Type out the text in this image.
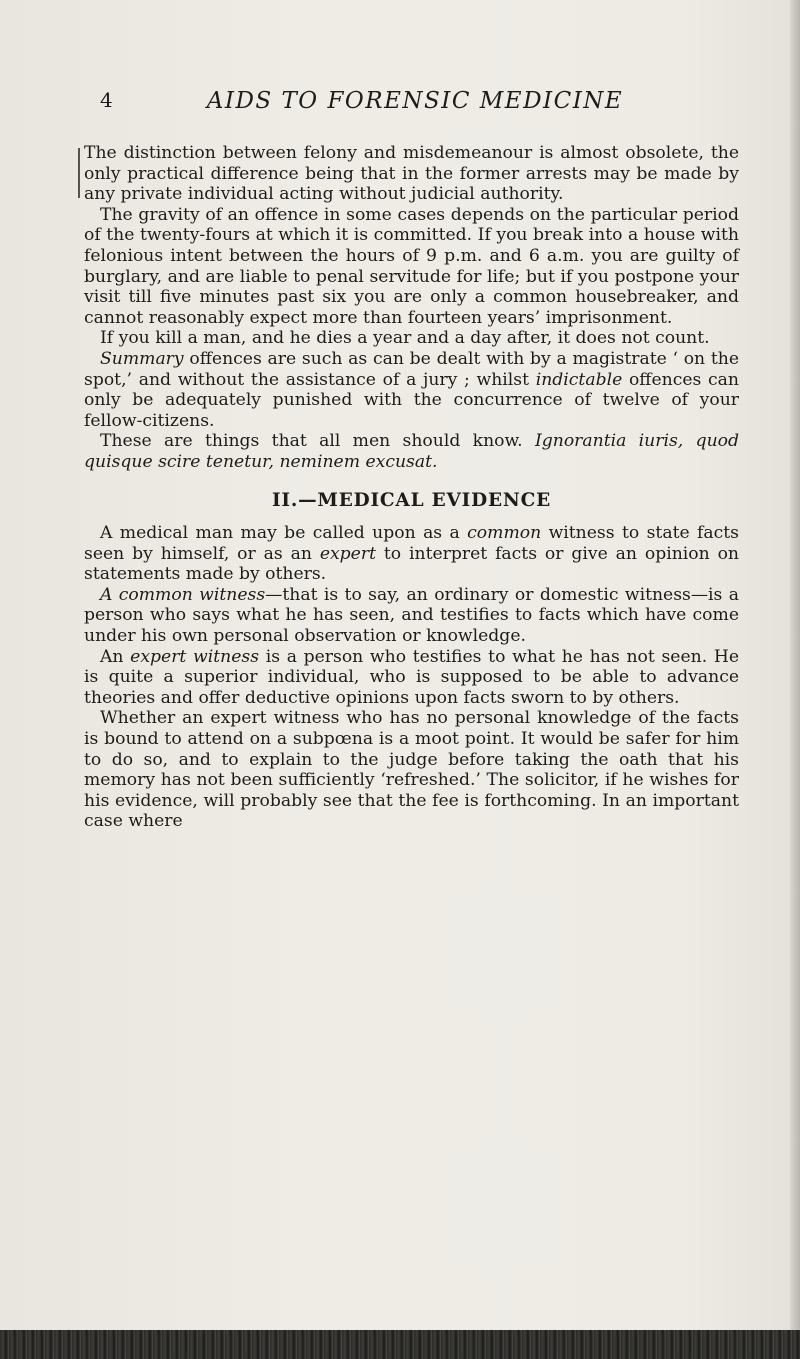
4	AIDS TO FORENSIC MEDICINE

The distinction between felony and misdemeanour is almost obsolete, the only practical difference being that in the former arrests may be made by any private individual acting without judicial authority.

The gravity of an offence in some cases depends on the particular period of the twenty-fours at which it is committed. If you break into a house with felonious intent between the hours of 9 p.m. and 6 a.m. you are guilty of burglary, and are liable to penal servitude for life; but if you postpone your visit till five minutes past six you are only a common housebreaker, and cannot reasonably expect more than fourteen years’ imprisonment.

If you kill a man, and he dies a year and a day after, it does not count.

Summary offences are such as can be dealt with by a magistrate ‘ on the spot,’ and without the assistance of a jury ; whilst indictable offences can only be adequately punished with the concurrence of twelve of your fellow-citizens.

These are things that all men should know. Ignorantia iuris, quod quisque scire tenetur, neminem excusat.

II.—MEDICAL EVIDENCE

A medical man may be called upon as a common witness to state facts seen by himself, or as an expert to interpret facts or give an opinion on statements made by others.

A common witness—that is to say, an ordinary or domestic witness—is a person who says what he has seen, and testifies to facts which have come under his own personal observation or knowledge.

An expert witness is a person who testifies to what he has not seen. He is quite a superior individual, who is supposed to be able to advance theories and offer deductive opinions upon facts sworn to by others.

Whether an expert witness who has no personal knowledge of the facts is bound to attend on a subpœna is a moot point. It would be safer for him to do so, and to explain to the judge before taking the oath that his memory has not been sufficiently ‘refreshed.’ The solicitor, if he wishes for his evidence, will probably see that the fee is forthcoming. In an important case where
